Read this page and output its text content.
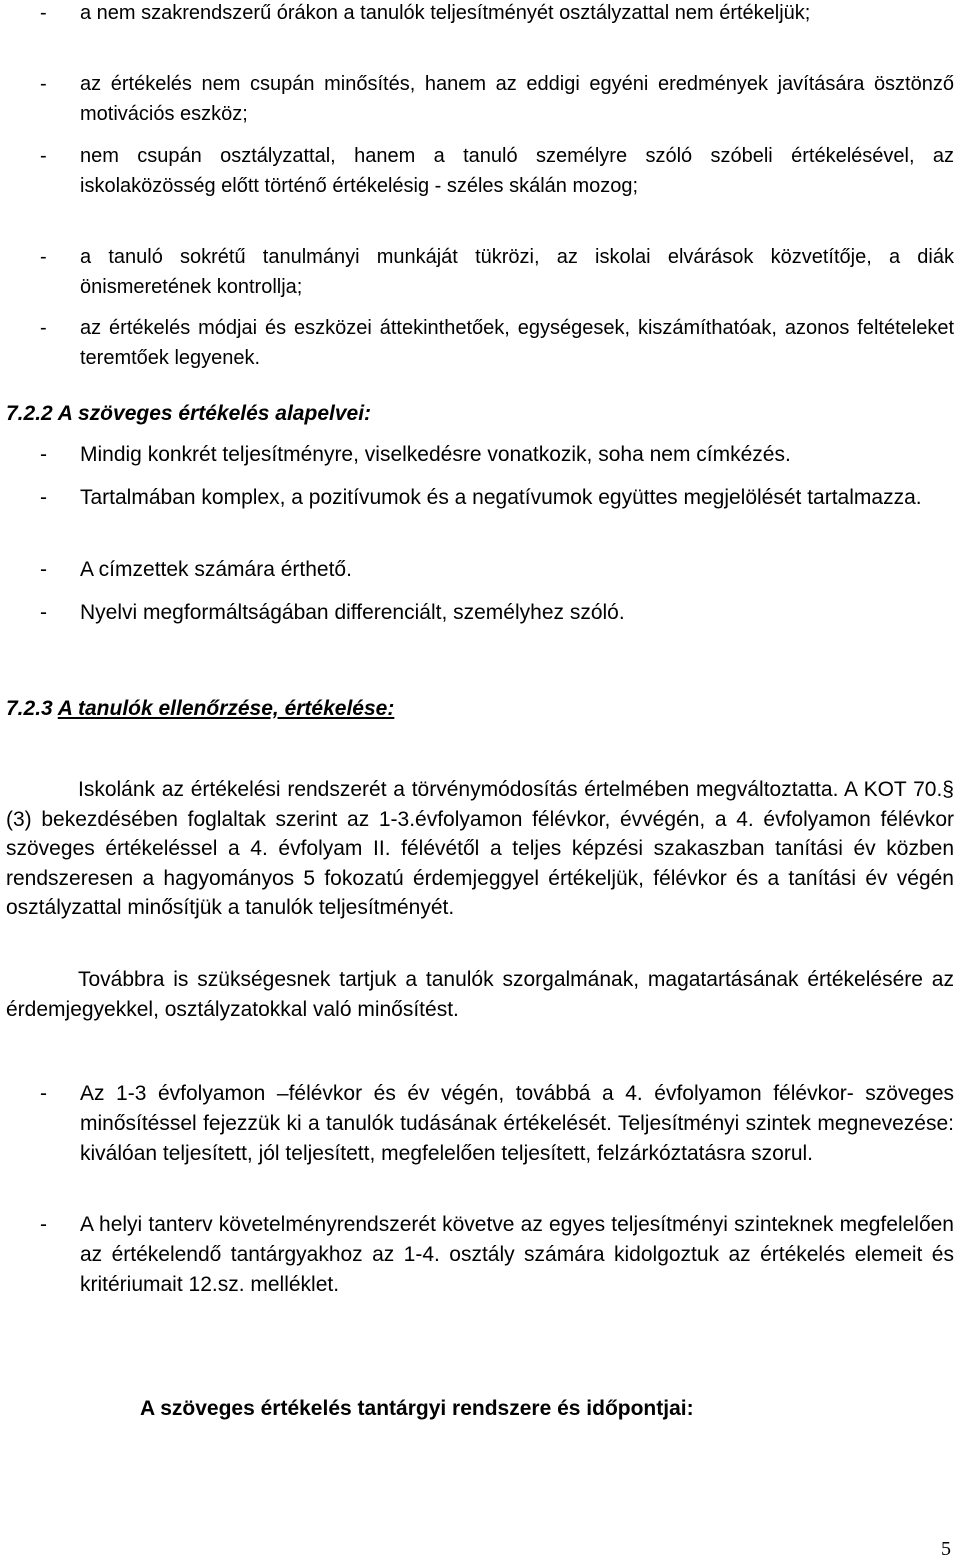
- a nem szakrendszerű órákon a tanulók teljesítményét osztályzattal nem értékeljük;
- az értékelés nem csupán minősítés, hanem az eddigi egyéni eredmények javítására ösztönző motivációs eszköz;
- nem csupán osztályzattal, hanem a tanuló személyre szóló szóbeli értékelésével, az iskolaközösség előtt történő értékelésig - széles skálán mozog;
- a tanuló sokrétű tanulmányi munkáját tükrözi, az iskolai elvárások közvetítője, a diák önismeretének kontrollja;
- az értékelés módjai és eszközei áttekinthetőek, egységesek, kiszámíthatóak, azonos feltételeket teremtőek legyenek.
7.2.2 A szöveges értékelés alapelvei:
- Mindig konkrét teljesítményre, viselkedésre vonatkozik, soha nem címkézés.
- Tartalmában komplex, a pozitívumok és a negatívumok együttes megjelölését tartalmazza.
- A címzettek számára érthető.
- Nyelvi megformáltságában differenciált, személyhez szóló.
7.2.3 A tanulók ellenőrzése, értékelése:
Iskolánk az értékelési rendszerét a törvénymódosítás értelmében megváltoztatta. A KOT 70.§ (3) bekezdésében foglaltak szerint az 1-3.évfolyamon félévkor, évvégén, a 4. évfolyamon félévkor szöveges értékeléssel a 4. évfolyam II. félévétől a teljes képzési szakaszban tanítási év közben rendszeresen a hagyományos 5 fokozatú érdemjeggyel értékeljük, félévkor és a tanítási év végén osztályzattal minősítjük a tanulók teljesítményét.
Továbbra is szükségesnek tartjuk a tanulók szorgalmának, magatartásának értékelésére az érdemjegyekkel, osztályzatokkal való minősítést.
- Az 1-3 évfolyamon –félévkor és év végén, továbbá a 4. évfolyamon félévkor- szöveges minősítéssel fejezzük ki a tanulók tudásának értékelését. Teljesítményi szintek megnevezése: kiválóan teljesített, jól teljesített, megfelelően teljesített, felzárkóztatásra szorul.
- A helyi tanterv követelményrendszerét követve az egyes teljesítményi szinteknek megfelelően az értékelendő tantárgyakhoz az 1-4. osztály számára kidolgoztuk az értékelés elemeit és kritériumait 12.sz. melléklet.
A szöveges értékelés tantárgyi rendszere és időpontjai:
5
